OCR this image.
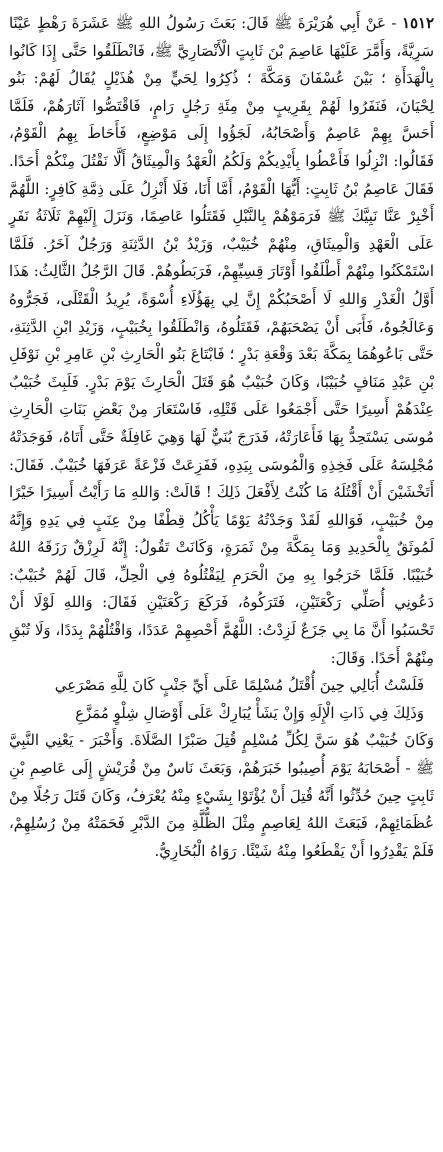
١٥١٢ - عَنْ أَبِي هُرَيْرَةَ ﷺ قَالَ: بَعَثَ رَسُولُ اللهِ ﷺ عَشَرَةَ رَهْطٍ عَيْنًا سَرِيَّةً، وَأَمَّرَ عَلَيْهَا عَاصِمَ بْنَ ثَابِتٍ الْأَنْصَارِيَّ ﷺ، فَانْطَلَقُوا حَتَّى إِذَا كَانُوا بِالْهَدَأَةِ ؛ بَيْنَ عُسْفَانَ وَمَكَّةَ ؛ ذُكِرُوا لِحَيٍّ مِنْ هُذَيْلٍ يُقَالُ لَهُمْ: بَنُو لِحْيَانَ، فَنَفَرُوا لَهُمْ بِقَرِيبٍ مِنْ مِئَةِ رَجُلٍ رَامٍ، فَاقْتَصُّوا آثَارَهُمْ، فَلَمَّا أَحَسَّ بِهِمْ عَاصِمٌ وَأَصْحَابُهُ، لَجَؤُوا إِلَى مَوْضِعٍ، فَأَحَاطَ بِهِمُ الْقَوْمُ، فَقَالُوا: انْزِلُوا فَأَعْطُوا بِأَيْدِيكُمْ وَلَكُمُ الْعَهْدُ وَالْمِيثَاقُ أَلَّا نَقْتُلَ مِنْكُمْ أَحَدًا. فَقَالَ عَاصِمُ بْنُ ثَابِتٍ: أَيُّهَا الْقَوْمُ، أَمَّا أَنَا، فَلَا أَنْزِلُ عَلَى ذِمَّةِ كَافِرٍ: اللَّهُمَّ أَخْبِرْ عَنَّا نَبِيَّكَ ﷺ فَرَمَوْهُمْ بِالنَّبْلِ فَقَتَلُوا عَاصِمًا، وَنَزَلَ إِلَيْهِمْ ثَلَاثَةُ نَفَرٍ عَلَى الْعَهْدِ وَالْمِيثَاقِ، مِنْهُمْ خُبَيْبٌ، وَزَيْدُ بْنُ الدَّثِنَةِ وَرَجُلٌ آخَرُ. فَلَمَّا اسْتَمْكَنُوا مِنْهُمْ أَطْلَقُوا أَوْتَارَ قِسِيِّهِمْ، فَرَبَطُوهُمْ. قَالَ الرَّجُلُ الثَّالِثُ: هَذَا أَوَّلُ الْغَدْرِ وَاللهِ لَا أَصْحَبُكُمْ إِنَّ لِي بِهَؤُلَاءِ أُسْوَةً، يُرِيدُ الْقَتْلَى، فَجَرُّوهُ وَعَالَجُوهُ، فَأَبَى أَنْ يَصْحَبَهُمْ، فَقَتَلُوهُ، وَانْطَلَقُوا بِخُبَيْبٍ، وَزَيْدِ ابْنِ الدَّثِنَةِ، حَتَّى بَاعُوهُمَا بِمَكَّةَ بَعْدَ وَقْعَةِ بَدْرٍ ؛ فَابْتَاعَ بَنُو الْحَارِثِ بْنِ عَامِرِ بْنِ نَوْفَلِ بْنِ عَبْدِ مَنَافٍ خُبَيْبًا، وَكَانَ خُبَيْبٌ هُوَ قَتَلَ الْحَارِثَ يَوْمَ بَدْرٍ. فَلَبِثَ خُبَيْبٌ عِنْدَهُمْ أَسِيرًا حَتَّى أَجْمَعُوا عَلَى قَتْلِهِ، فَاسْتَعَارَ مِنْ بَعْضِ بَنَاتِ الْحَارِثِ مُوسَى يَسْتَحِدُّ بِهَا فَأَعَارَتْهُ، فَدَرَجَ بُنَيٌّ لَهَا وَهِيَ غَافِلَةٌ حَتَّى أَتَاهُ، فَوَجَدَتْهُ مُجْلِسَهُ عَلَى فَخِذِهِ وَالْمُوسَى بِيَدِهِ، فَفَزِعَتْ فَزْعَةً عَرَفَهَا خُبَيْبٌ. فَقَالَ: أَتَخْشَيْنَ أَنْ أَقْتُلَهُ مَا كُنْتُ لِأَفْعَلَ ذَلِكَ ! قَالَتْ: وَاللهِ مَا رَأَيْتُ أَسِيرًا خَيْرًا مِنْ خُبَيْبٍ، فَوَاللهِ لَقَدْ وَجَدْتُهُ يَوْمًا يَأْكُلُ قِطْفًا مِنْ عِنَبٍ فِي يَدِهِ وَإِنَّهُ لَمُوثَقٌ بِالْحَدِيدِ وَمَا بِمَكَّةَ مِنْ ثَمَرَةٍ، وَكَانَتْ تَقُولُ: إِنَّهُ لَرِزْقٌ رَزَقَهُ اللهُ خُبَيْبًا. فَلَمَّا خَرَجُوا بِهِ مِنَ الْحَرَمِ لِيَقْتُلُوهُ فِي الْحِلِّ، قَالَ لَهُمْ خُبَيْبٌ: دَعُونِي أُصَلِّي رَكْعَتَيْنِ، فَتَرَكُوهُ، فَرَكَعَ رَكْعَتَيْنِ فَقَالَ: وَاللهِ لَوْلَا أَنْ تَحْسَبُوا أَنَّ مَا بِي جَزَعٌ لَزِدْتُ: اللَّهُمَّ أَحْصِهِمْ عَدَدًا، وَاقْتُلْهُمْ بِدَدًا، وَلَا تُبْقِ مِنْهُمْ أَحَدًا. وَقَالَ:

فَلَسْتُ أُبَالِي حِينَ أُقْتَلُ مُسْلِمًا عَلَى أَيِّ جَنْبٍ كَانَ لِلَّهِ مَصْرَعِي
وَذَلِكَ فِي ذَاتِ الْإِلَهِ وَإِنْ يَشَأْ يُبَارِكْ عَلَى أَوْصَالِ شِلْوٍ مُمَزَّعِ

وَكَانَ خُبَيْبٌ هُوَ سَنَّ لِكُلِّ مُسْلِمٍ قُتِلَ صَبْرًا الصَّلَاةَ. وَأَخْبَرَ - يَعْنِي النَّبِيَّ ﷺ - أَصْحَابَهُ يَوْمَ أُصِيبُوا خَبَرَهُمْ، وَبَعَثَ نَاسٌ مِنْ قُرَيْشٍ إِلَى عَاصِمِ بْنِ ثَابِتٍ حِينَ حُدِّثُوا أَنَّهُ قُتِلَ أَنْ يُؤْتَوْا بِشَيْءٍ مِنْهُ يُعْرَفُ، وَكَانَ قَتَلَ رَجُلًا مِنْ عُظَمَائِهِمْ، فَبَعَثَ اللهُ لِعَاصِمٍ مِثْلَ الظُّلَّةِ مِنَ الدَّبْرِ فَحَمَتْهُ مِنْ رُسُلِهِمْ، فَلَمْ يَقْدِرُوا أَنْ يَقْطَعُوا مِنْهُ شَيْئًا. رَوَاهُ الْبُخَارِيُّ.
